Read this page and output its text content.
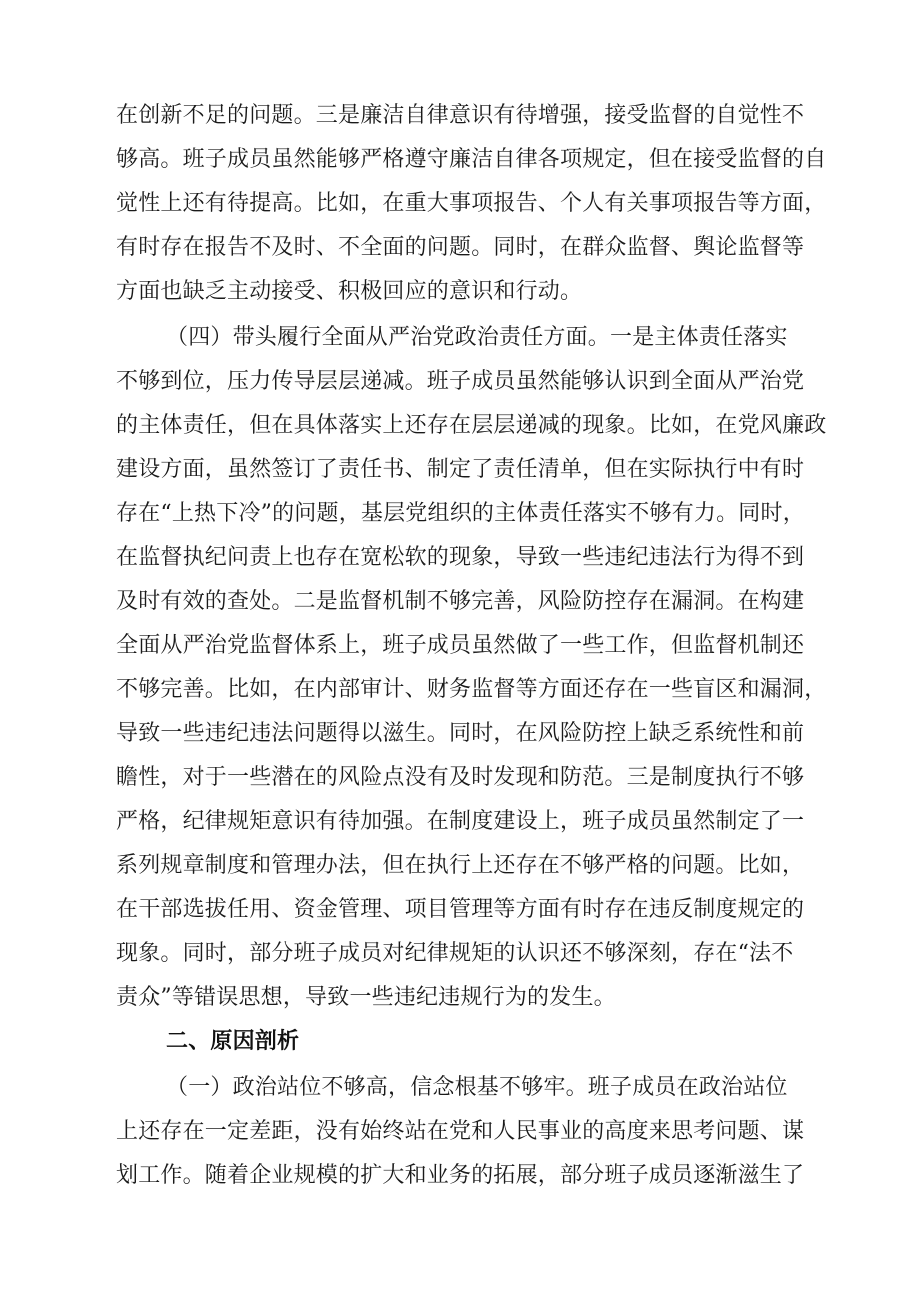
在创新不足的问题。三是廉洁自律意识有待增强，接受监督的自觉性不
够高。班子成员虽然能够严格遵守廉洁自律各项规定，但在接受监督的自
觉性上还有待提高。比如，在重大事项报告、个人有关事项报告等方面，
有时存在报告不及时、不全面的问题。同时，在群众监督、舆论监督等
方面也缺乏主动接受、积极回应的意识和行动。
（四）带头履行全面从严治党政治责任方面。一是主体责任落实
不够到位，压力传导层层递减。班子成员虽然能够认识到全面从严治党
的主体责任，但在具体落实上还存在层层递减的现象。比如，在党风廉政
建设方面，虽然签订了责任书、制定了责任清单，但在实际执行中有时
存在“上热下冷”的问题，基层党组织的主体责任落实不够有力。同时，
在监督执纪问责上也存在宽松软的现象，导致一些违纪违法行为得不到
及时有效的查处。二是监督机制不够完善，风险防控存在漏洞。在构建
全面从严治党监督体系上，班子成员虽然做了一些工作，但监督机制还
不够完善。比如，在内部审计、财务监督等方面还存在一些盲区和漏洞，
导致一些违纪违法问题得以滋生。同时，在风险防控上缺乏系统性和前
瞻性，对于一些潜在的风险点没有及时发现和防范。三是制度执行不够
严格，纪律规矩意识有待加强。在制度建设上，班子成员虽然制定了一
系列规章制度和管理办法，但在执行上还存在不够严格的问题。比如，
在干部选拔任用、资金管理、项目管理等方面有时存在违反制度规定的
现象。同时，部分班子成员对纪律规矩的认识还不够深刻，存在“法不
责众”等错误思想，导致一些违纪违规行为的发生。
二、原因剖析
（一）政治站位不够高，信念根基不够牢。班子成员在政治站位
上还存在一定差距，没有始终站在党和人民事业的高度来思考问题、谋
划工作。随着企业规模的扩大和业务的拓展，部分班子成员逐渐滋生了
